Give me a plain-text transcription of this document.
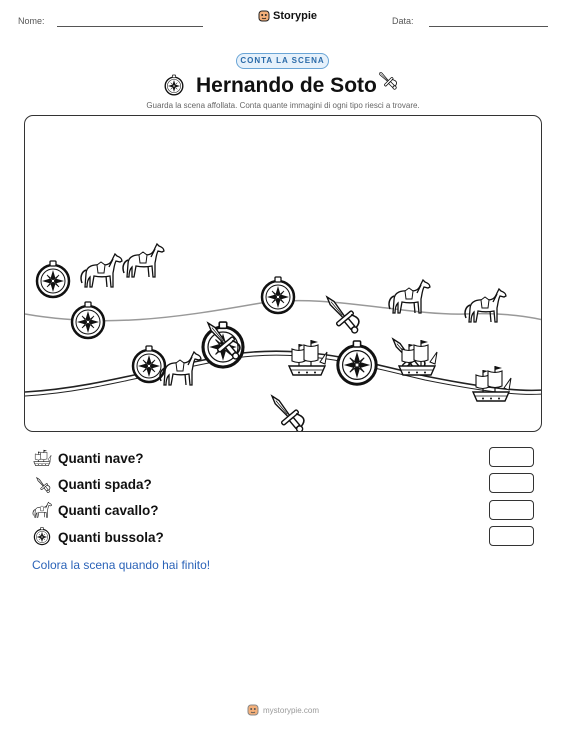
Nome:	Storypie	Data:
CONTA LA SCENA
Hernando de Soto
Guarda la scena affollata. Conta quante immagini di ogni tipo riesci a trovare.
Quanti nave?
Quanti spada?
Quanti cavallo?
Quanti bussola?
Colora la scena quando hai finito!
mystorypie.com
